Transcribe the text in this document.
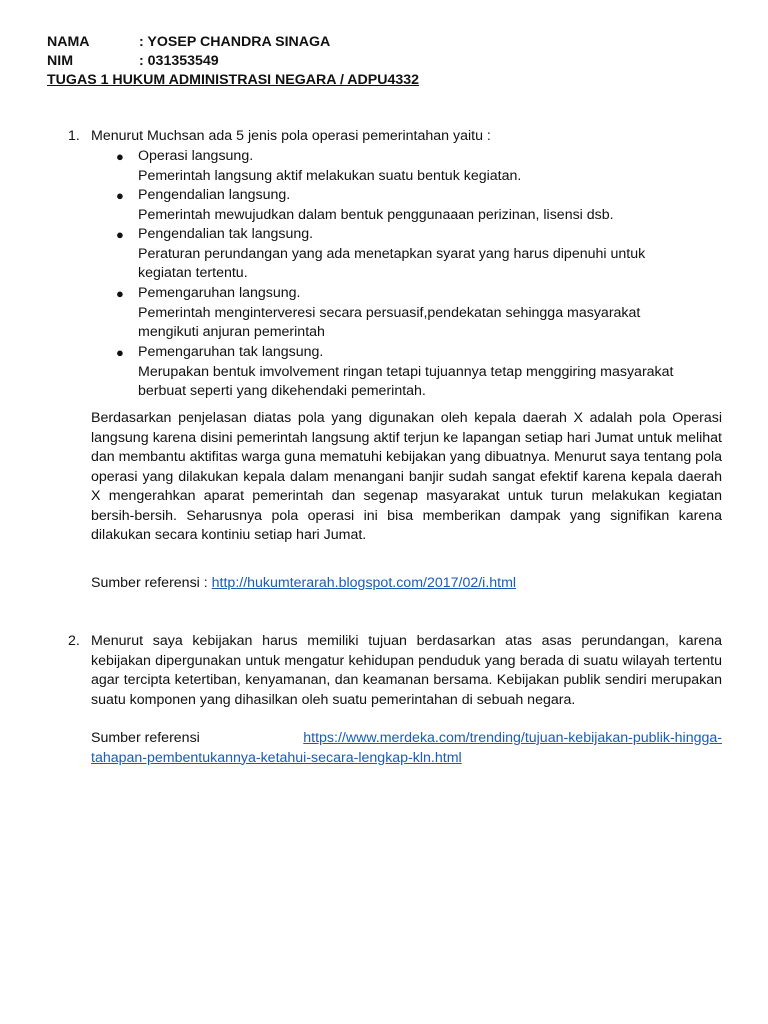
NAMA	: YOSEP CHANDRA SINAGA
NIM	: 031353549
TUGAS 1 HUKUM ADMINISTRASI NEGARA / ADPU4332
1. Menurut Muchsan ada 5 jenis pola operasi pemerintahan yaitu :
● Operasi langsung.
Pemerintah langsung aktif melakukan suatu bentuk kegiatan.
● Pengendalian langsung.
Pemerintah mewujudkan dalam bentuk penggunaaan perizinan, lisensi dsb.
● Pengendalian tak langsung.
Peraturan perundangan yang ada menetapkan syarat yang harus dipenuhi untuk kegiatan tertentu.
● Pemengaruhan langsung.
Pemerintah menginterveresi secara persuasif,pendekatan sehingga masyarakat mengikuti anjuran pemerintah
● Pemengaruhan tak langsung.
Merupakan bentuk imvolvement ringan tetapi tujuannya tetap menggiring masyarakat berbuat seperti yang dikehendaki pemerintah.
Berdasarkan penjelasan diatas pola yang digunakan oleh kepala daerah X adalah pola Operasi langsung karena disini pemerintah langsung aktif terjun ke lapangan setiap hari Jumat untuk melihat dan membantu aktifitas warga guna mematuhi kebijakan yang dibuatnya. Menurut saya tentang pola operasi yang dilakukan kepala dalam menangani banjir sudah sangat efektif karena kepala daerah X mengerahkan aparat pemerintah dan segenap masyarakat untuk turun melakukan kegiatan bersih-bersih. Seharusnya pola operasi ini bisa memberikan dampak yang signifikan karena dilakukan secara kontiniu setiap hari Jumat.
Sumber referensi : http://hukumterarah.blogspot.com/2017/02/i.html
2. Menurut saya kebijakan harus memiliki tujuan berdasarkan atas asas perundangan, karena kebijakan dipergunakan untuk mengatur kehidupan penduduk yang berada di suatu wilayah tertentu agar tercipta ketertiban, kenyamanan, dan keamanan bersama. Kebijakan publik sendiri merupakan suatu komponen yang dihasilkan oleh suatu pemerintahan di sebuah negara.
Sumber referensi	https://www.merdeka.com/trending/tujuan-kebijakan-publik-hingga-
tahapan-pembentukannya-ketahui-secara-lengkap-kln.html
